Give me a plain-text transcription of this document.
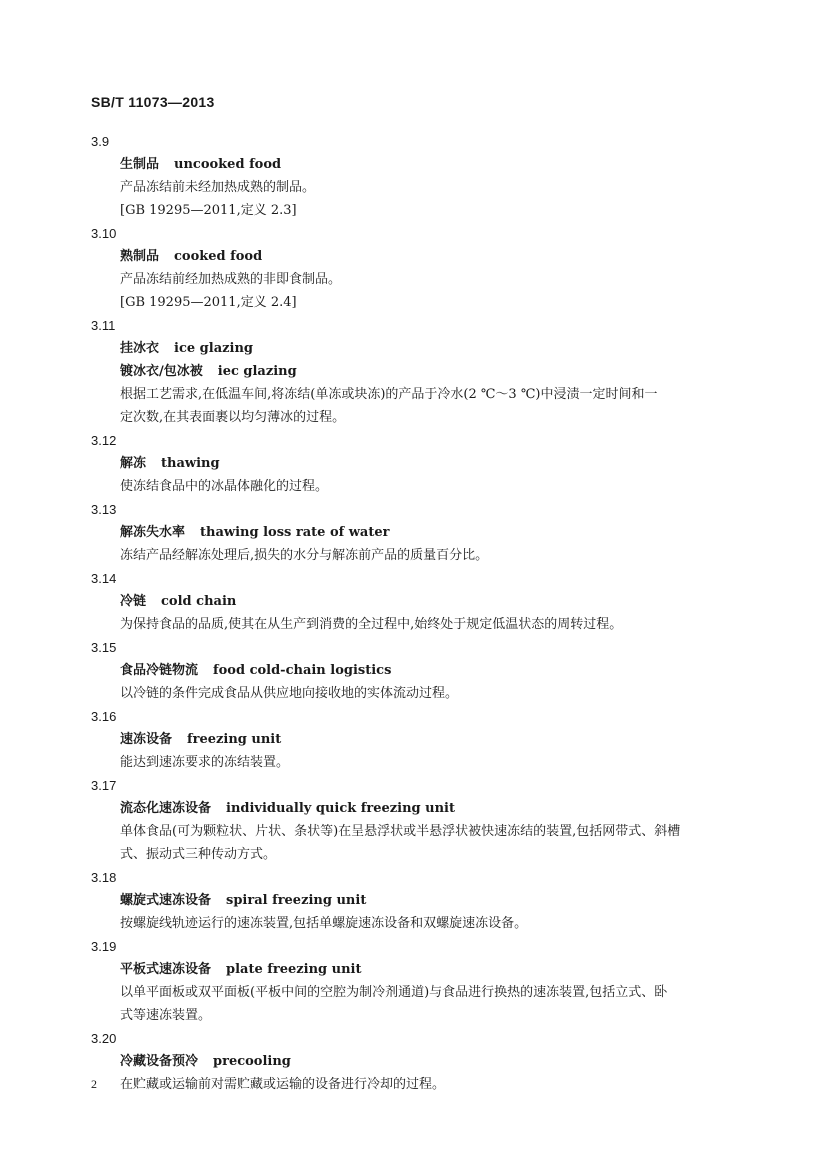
SB/T 11073—2013
3.9
生制品 uncooked food
产品冻结前未经加热成熟的制品。
[GB 19295—2011,定义 2.3]
3.10
熟制品 cooked food
产品冻结前经加热成熟的非即食制品。
[GB 19295—2011,定义 2.4]
3.11
挂冰衣 ice glazing
镀冰衣/包冰被 iec glazing
根据工艺需求,在低温车间,将冻结(单冻或块冻)的产品于冷水(2 ℃～3 ℃)中浸渍一定时间和一
定次数,在其表面裹以均匀薄冰的过程。
3.12
解冻 thawing
使冻结食品中的冰晶体融化的过程。
3.13
解冻失水率 thawing loss rate of water
冻结产品经解冻处理后,损失的水分与解冻前产品的质量百分比。
3.14
冷链 cold chain
为保持食品的品质,使其在从生产到消费的全过程中,始终处于规定低温状态的周转过程。
3.15
食品冷链物流 food cold-chain logistics
以冷链的条件完成食品从供应地向接收地的实体流动过程。
3.16
速冻设备 freezing unit
能达到速冻要求的冻结装置。
3.17
流态化速冻设备 individually quick freezing unit
单体食品(可为颗粒状、片状、条状等)在呈悬浮状或半悬浮状被快速冻结的装置,包括网带式、斜槽
式、振动式三种传动方式。
3.18
螺旋式速冻设备 spiral freezing unit
按螺旋线轨迹运行的速冻装置,包括单螺旋速冻设备和双螺旋速冻设备。
3.19
平板式速冻设备 plate freezing unit
以单平面板或双平面板(平板中间的空腔为制冷剂通道)与食品进行换热的速冻装置,包括立式、卧
式等速冻装置。
3.20
冷藏设备预冷 precooling
在贮藏或运输前对需贮藏或运输的设备进行冷却的过程。
2
